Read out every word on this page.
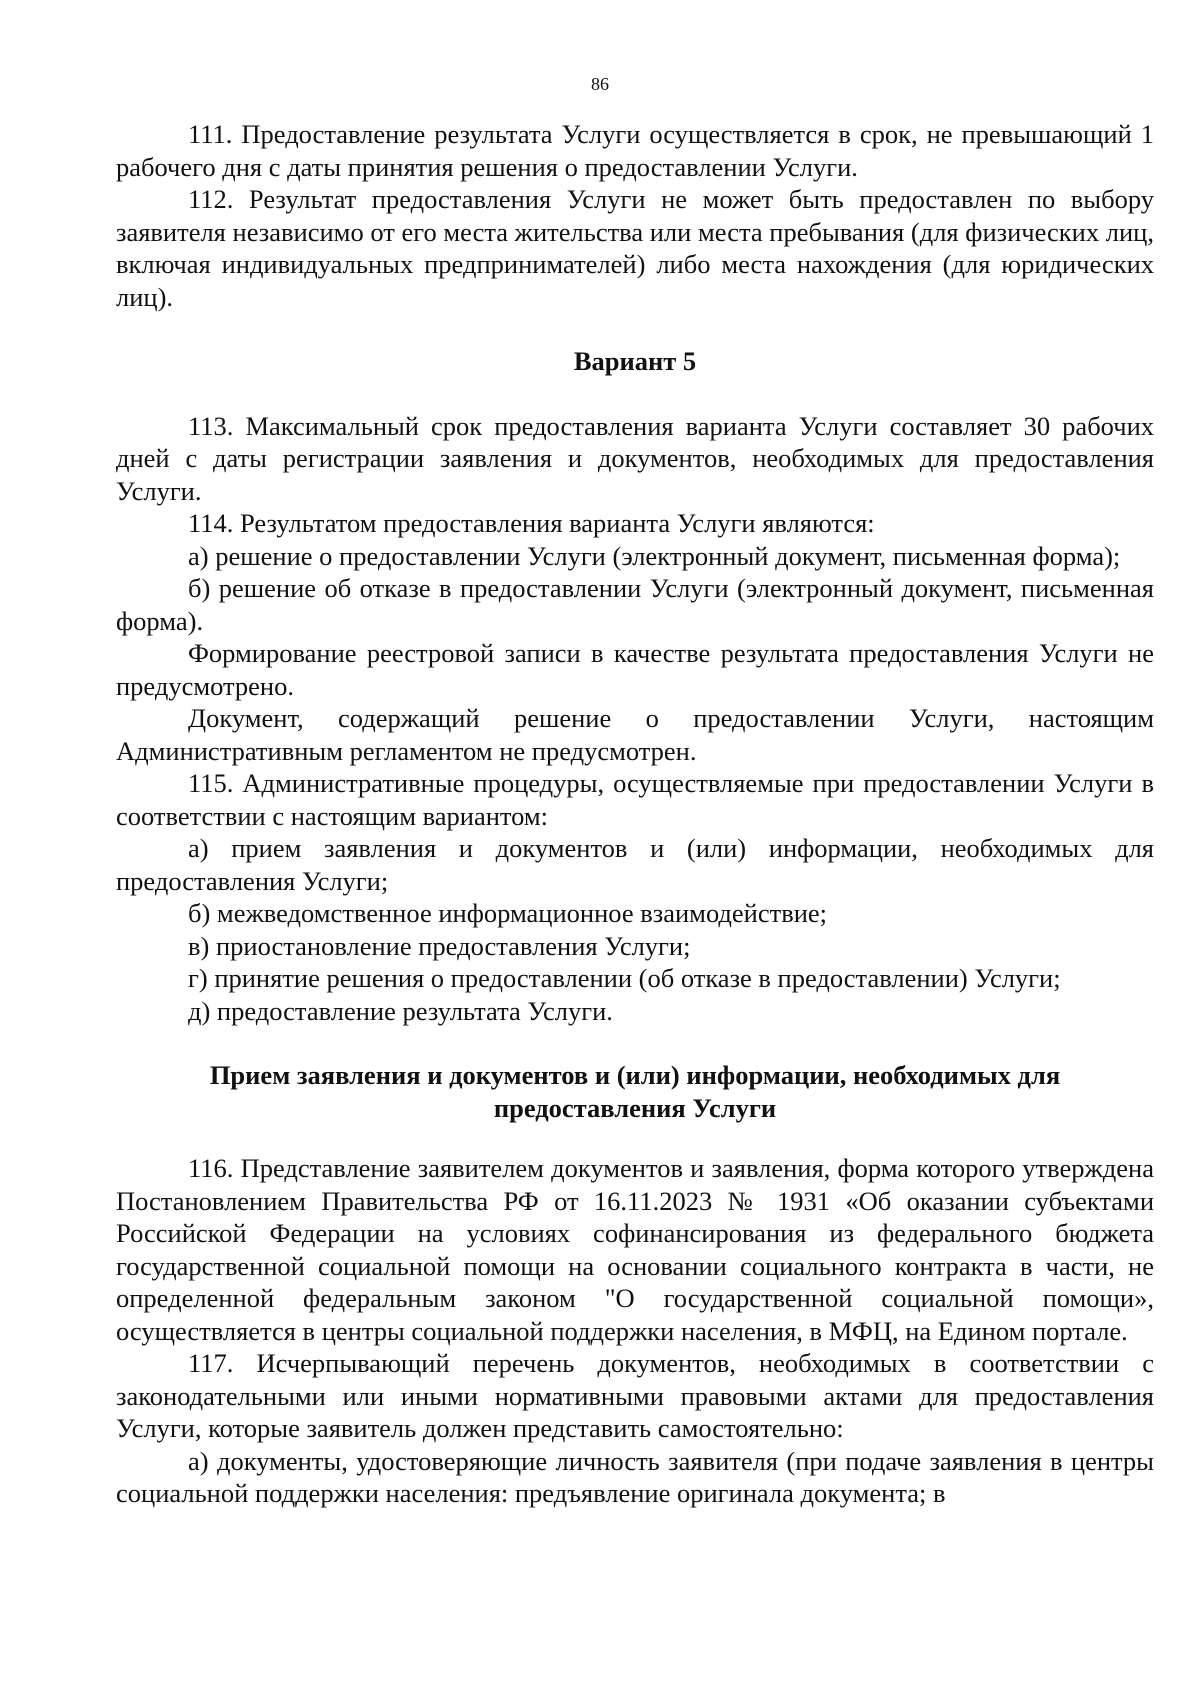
86

111. Предоставление результата Услуги осуществляется в срок, не превышающий 1 рабочего дня с даты принятия решения о предоставлении Услуги.

112. Результат предоставления Услуги не может быть предоставлен по выбору заявителя независимо от его места жительства или места пребывания (для физических лиц, включая индивидуальных предпринимателей) либо места нахождения (для юридических лиц).

Вариант 5

113. Максимальный срок предоставления варианта Услуги составляет 30 рабочих дней с даты регистрации заявления и документов, необходимых для предоставления Услуги.

114. Результатом предоставления варианта Услуги являются:

а) решение о предоставлении Услуги (электронный документ, письменная форма);

б) решение об отказе в предоставлении Услуги (электронный документ, письменная форма).

Формирование реестровой записи в качестве результата предоставления Услуги не предусмотрено.

Документ, содержащий решение о предоставлении Услуги, настоящим Административным регламентом не предусмотрен.

115. Административные процедуры, осуществляемые при предоставлении Услуги в соответствии с настоящим вариантом:

а) прием заявления и документов и (или) информации, необходимых для предоставления Услуги;

б) межведомственное информационное взаимодействие;

в) приостановление предоставления Услуги;

г) принятие решения о предоставлении (об отказе в предоставлении) Услуги;

д) предоставление результата Услуги.

Прием заявления и документов и (или) информации, необходимых для предоставления Услуги

116. Представление заявителем документов и заявления, форма которого утверждена Постановлением Правительства РФ от 16.11.2023 № 1931 «Об оказании субъектами Российской Федерации на условиях софинансирования из федерального бюджета государственной социальной помощи на основании социального контракта в части, не определенной федеральным законом "О государственной социальной помощи», осуществляется в центры социальной поддержки населения, в МФЦ, на Едином портале.

117. Исчерпывающий перечень документов, необходимых в соответствии с законодательными или иными нормативными правовыми актами для предоставления Услуги, которые заявитель должен представить самостоятельно:

а) документы, удостоверяющие личность заявителя (при подаче заявления в центры социальной поддержки населения: предъявление оригинала документа; в
